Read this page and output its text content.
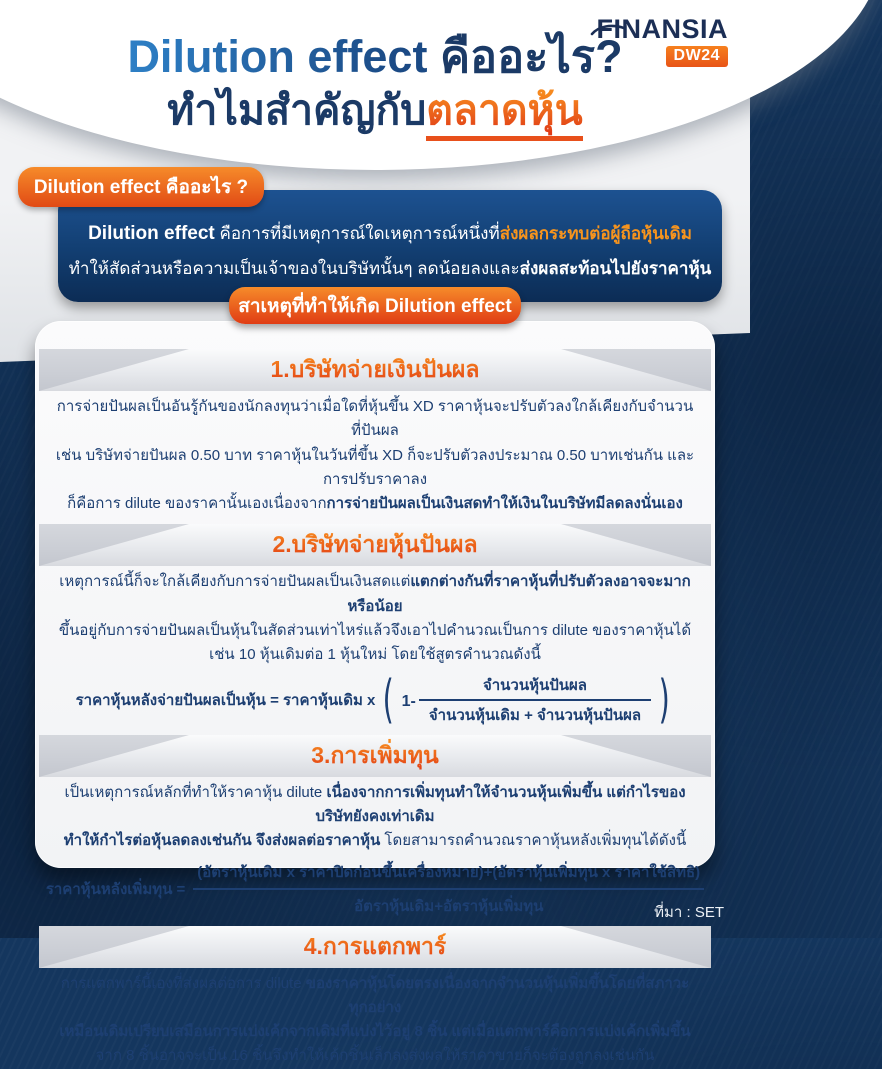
FINANSIA
DW24
Dilution effect คืออะไร?
ทำไมสำคัญกับตลาดหุ้น
Dilution effect คืออะไร ?
Dilution effect คือการที่มีเหตุการณ์ใดเหตุการณ์หนึ่งที่ส่งผลกระทบต่อผู้ถือหุ้นเดิม
ทำให้สัดส่วนหรือความเป็นเจ้าของในบริษัทนั้นๆ ลดน้อยลงและส่งผลสะท้อนไปยังราคาหุ้น
สาเหตุที่ทำให้เกิด Dilution effect
1.บริษัทจ่ายเงินปันผล
การจ่ายปันผลเป็นอันรู้กันของนักลงทุนว่าเมื่อใดที่หุ้นขึ้น XD ราคาหุ้นจะปรับตัวลงใกล้เคียงกับจำนวนที่ปันผล
เช่น บริษัทจ่ายปันผล 0.50 บาท ราคาหุ้นในวันที่ขึ้น XD ก็จะปรับตัวลงประมาณ 0.50 บาทเช่นกัน และการปรับราคาลง
ก็คือการ dilute ของราคานั้นเองเนื่องจากการจ่ายปันผลเป็นเงินสดทำให้เงินในบริษัทมีลดลงนั่นเอง
2.บริษัทจ่ายหุ้นปันผล
เหตุการณ์นี้ก็จะใกล้เคียงกับการจ่ายปันผลเป็นเงินสดแต่แตกต่างกันที่ราคาหุ้นที่ปรับตัวลงอาจจะมากหรือน้อย
ขึ้นอยู่กับการจ่ายปันผลเป็นหุ้นในสัดส่วนเท่าไหร่แล้วจึงเอาไปคำนวณเป็นการ dilute ของราคาหุ้นได้
เช่น 10 หุ้นเดิมต่อ 1 หุ้นใหม่ โดยใช้สูตรคำนวณดังนี้
ราคาหุ้นหลังจ่ายปันผลเป็นหุ้น = ราคาหุ้นเดิม x ( $1- \frac{\text{จำนวนหุ้นปันผล}}{\text{จำนวนหุ้นเดิม + จำนวนหุ้นปันผล}}$ )
3.การเพิ่มทุน
เป็นเหตุการณ์หลักที่ทำให้ราคาหุ้น dilute เนื่องจากการเพิ่มทุนทำให้จำนวนหุ้นเพิ่มขึ้น แต่กำไรของบริษัทยังคงเท่าเดิม
ทำให้กำไรต่อหุ้นลดลงเช่นกัน จึงส่งผลต่อราคาหุ้น โดยสามารถคำนวณราคาหุ้นหลังเพิ่มทุนได้ดังนี้
ราคาหุ้นหลังเพิ่มทุน =
(อัตราหุ้นเดิม x ราคาปิดก่อนขึ้นเครื่องหมาย)+(อัตราหุ้นเพิ่มทุน x ราคาใช้สิทธิ)
อัตราหุ้นเดิม+อัตราหุ้นเพิ่มทุน
4.การแตกพาร์
การแตกพาร์นี้เองที่ส่งผลต่อการ dilute ของราคาหุ้นโดยตรงเนื่องจากจำนวนหุ้นเพิ่มขึ้นโดยที่สภาวะทุกอย่าง
เหมือนเดิมเปรียบเสมือนการแบ่งเค้กจากเดิมที่แบ่งไว้อยู่ 8 ชิ้น แต่เมื่อแตกพาร์คือการแบ่งเค้กเพิ่มขึ้น
จาก 8 ชิ้นอาจจะเป็น 16 ชิ้นจึงทำให้เค้กชิ้นเล็กลงส่งผลให้ราคาขายก็จะต้องถูกลงเช่นกัน
ที่มา : SET
